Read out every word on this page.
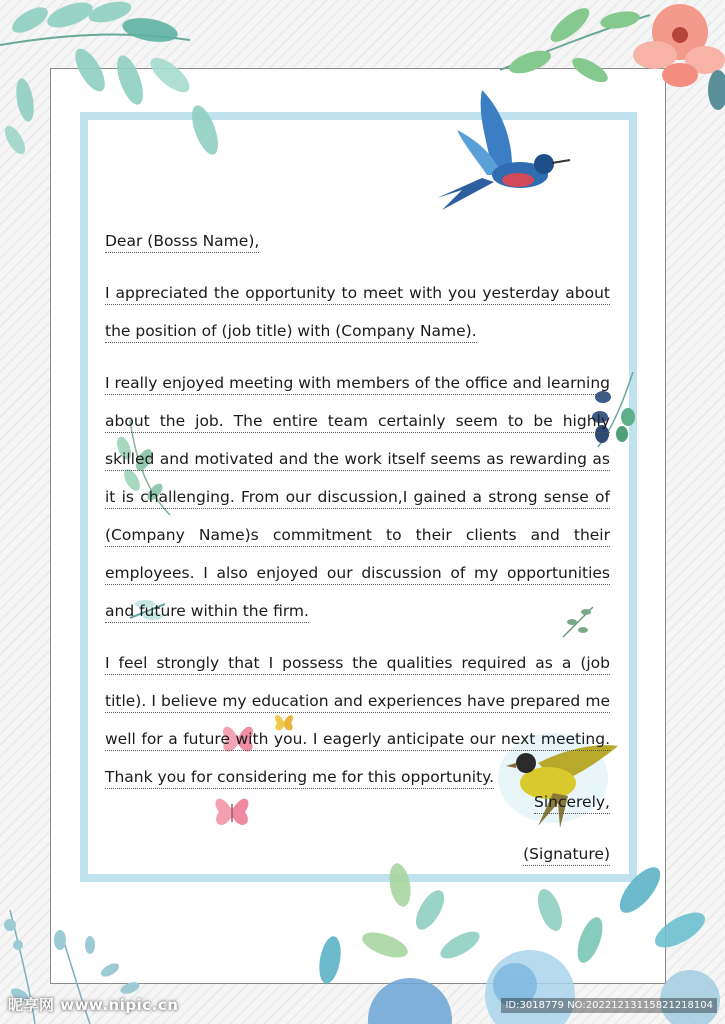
Dear (Bosss Name),

I appreciated the opportunity to meet with you yesterday about the position of (job title) with (Company Name).

I really enjoyed meeting with members of the office and learning about the job. The entire team certainly seem to be highly skilled and motivated and the work itself seems as rewarding as it is challenging. From our discussion,I gained a strong sense of (Company Name)s commitment to their clients and their employees. I also enjoyed our discussion of my opportunities and future within the firm.

I feel strongly that I possess the qualities required as a (job title). I believe my education and experiences have prepared me well for a future with you. I eagerly anticipate our next meeting. Thank you for considering me for this opportunity.

Sincerely,
(Signature)
昵享网 www.nipic.cn	ID:3018779 NO:20221213115821218104
